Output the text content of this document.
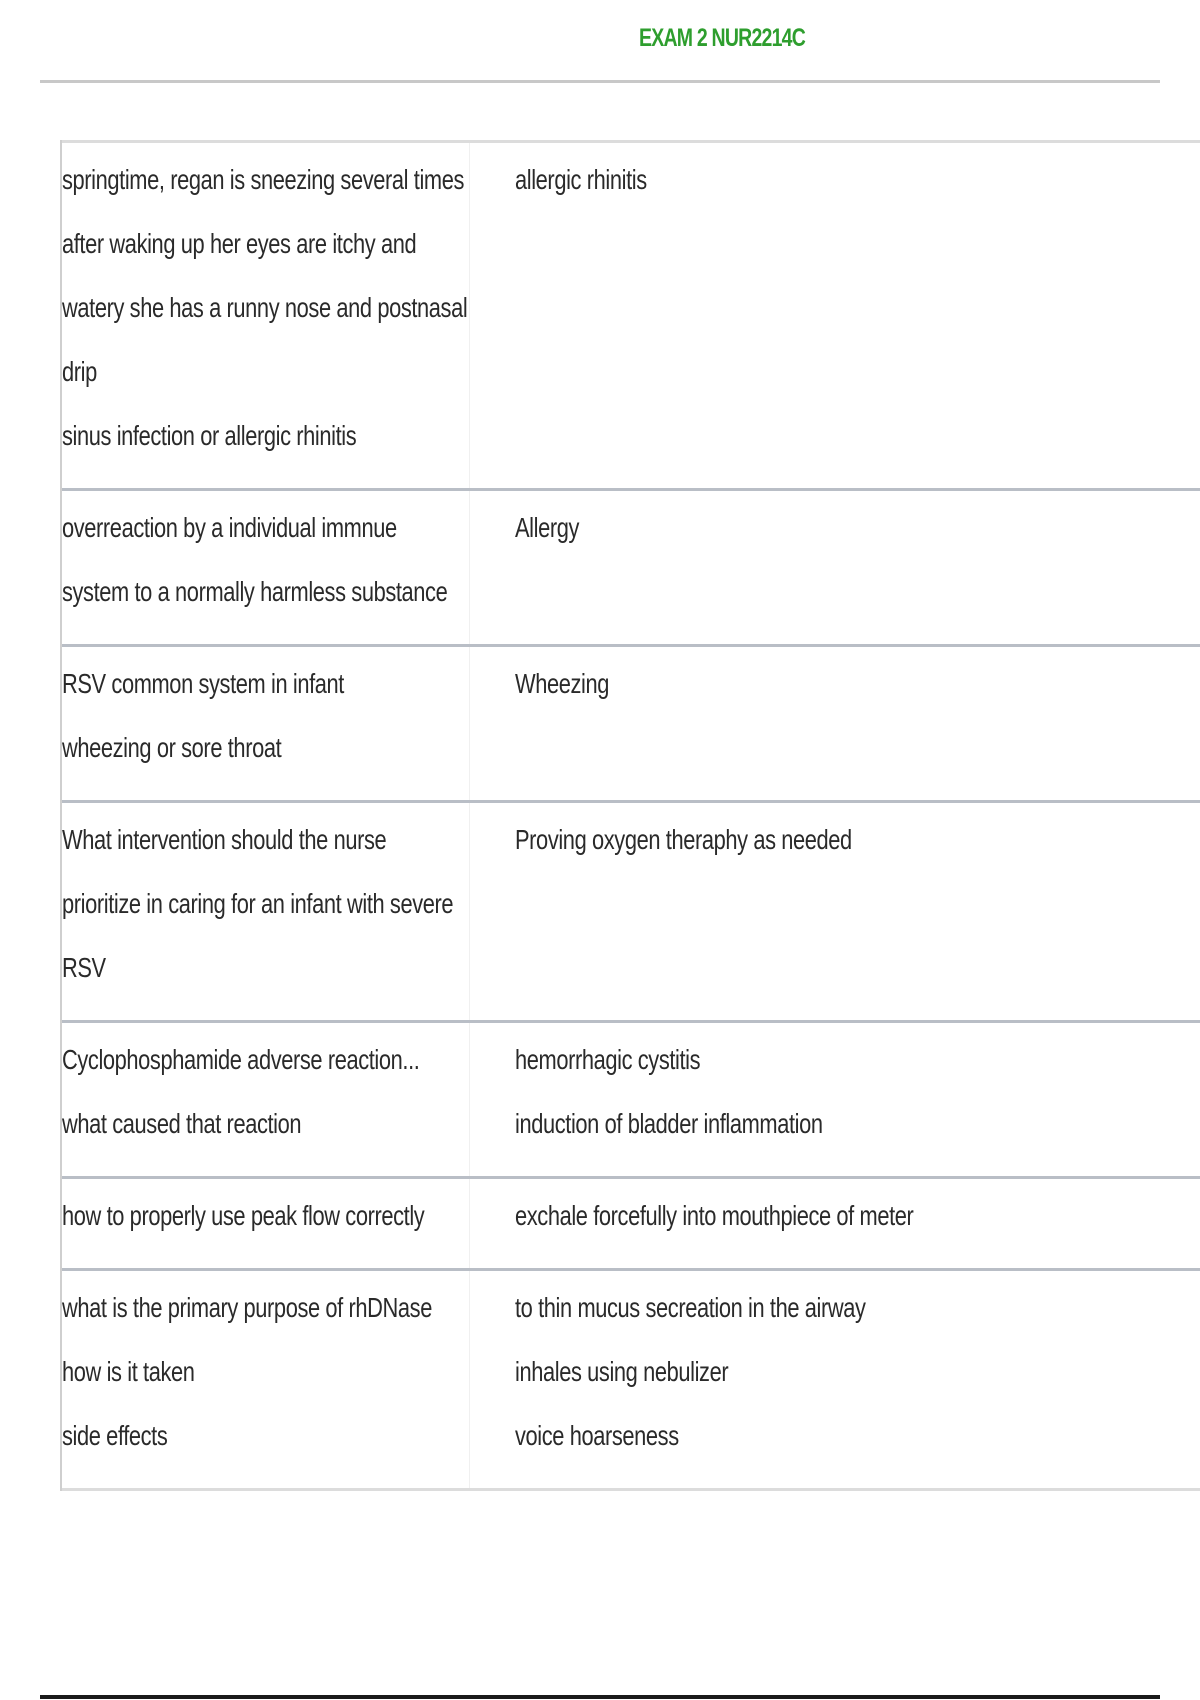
EXAM 2 NUR2214C
springtime, regan is sneezing several times
after waking up her eyes are itchy and
watery she has a runny nose and postnasal
drip
sinus infection or allergic rhinitis
allergic rhinitis
overreaction by a individual immnue
system to a normally harmless substance
Allergy
RSV common system in infant
wheezing or sore throat
Wheezing
What intervention should the nurse
prioritize in caring for an infant with severe
RSV
Proving oxygen theraphy as needed
Cyclophosphamide adverse reaction...
what caused that reaction
hemorrhagic cystitis
induction of bladder inflammation
how to properly use peak flow correctly	exchale forcefully into mouthpiece of meter
what is the primary purpose of rhDNase
how is it taken
side effects
to thin mucus secreation in the airway
inhales using nebulizer
voice hoarseness
